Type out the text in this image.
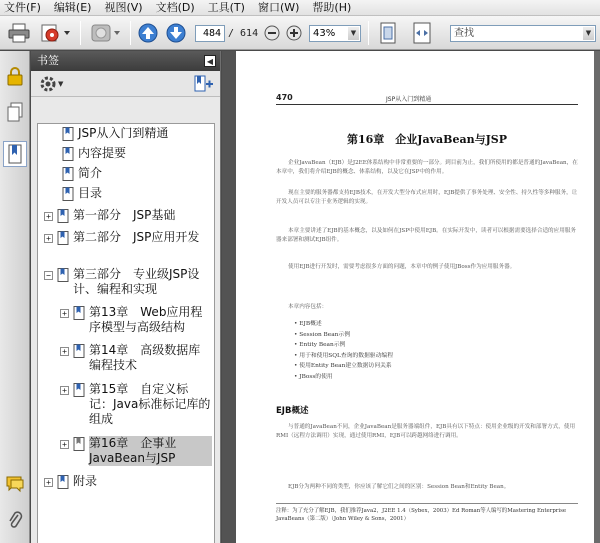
文件(F)	编辑(E)	视图(V)	文档(D)	工具(T)	窗口(W)	帮助(H)
484 / 614	43%	▼	查找	▼
书签	◀
▼
JSP从入门到精通
内容提要
简介
目录
+ 第一部分　JSP基础
+ 第二部分　JSP应用开发
− 第三部分　专业级JSP设计、编程和实现
+ 第13章　Web应用程序模型与高级结构
+ 第14章　高级数据库编程技术
+ 第15章　自定义标记：Java标准标记库的组成
+ 第16章　企事业JavaBean与JSP
+ 附录
470	JSP从入门到精通
第16章　企业JavaBean与JSP
企业JavaBean（EJB）是J2EE体系结构中非常重要的一部分。到目前为止，我们所使用的都是普通的JavaBean，在本章中，我们将介绍EJB的概念、体系结构，以及它在JSP中的作用。
现在主要的服务器都支持EJB技术，在开发大型分布式应用时，EJB提供了事务处理、安全性、持久性等多种服务，让开发人员可以专注于业务逻辑的实现。
本章主要讲述了EJB的基本概念，以及如何在JSP中使用EJB。在实际开发中，读者可以根据需要选择合适的应用服务器来部署和测试EJB组件。
使用EJB进行开发时，需要考虑很多方面的问题，本章中的例子使用JBoss作为应用服务器。
本章内容包括：
• EJB概述
• Session Bean示例
• Entity Bean示例
• 用于和使用SQL查询的数据驱动编程
• 使用Entity Bean建立数据访问关系
• JBoss的使用
EJB概述
与普通的JavaBean不同，企业JavaBean是服务器端组件，EJB具有以下特点：使用企业级的开发和部署方式，使用RMI（远程方法调用）实现，通过使用RMI，EJB可以跨越网络进行调用。
EJB分为两种不同的类型，你应该了解它们之间的区别：Session Bean和Entity Bean。
注释：为了充分了解EJB，我们推荐Java2，J2EE 1.4（Sybex，2003）Ed Roman等人编写的Mastering Enterprise JavaBeans（第二版）（John Wiley & Sons，2001）
